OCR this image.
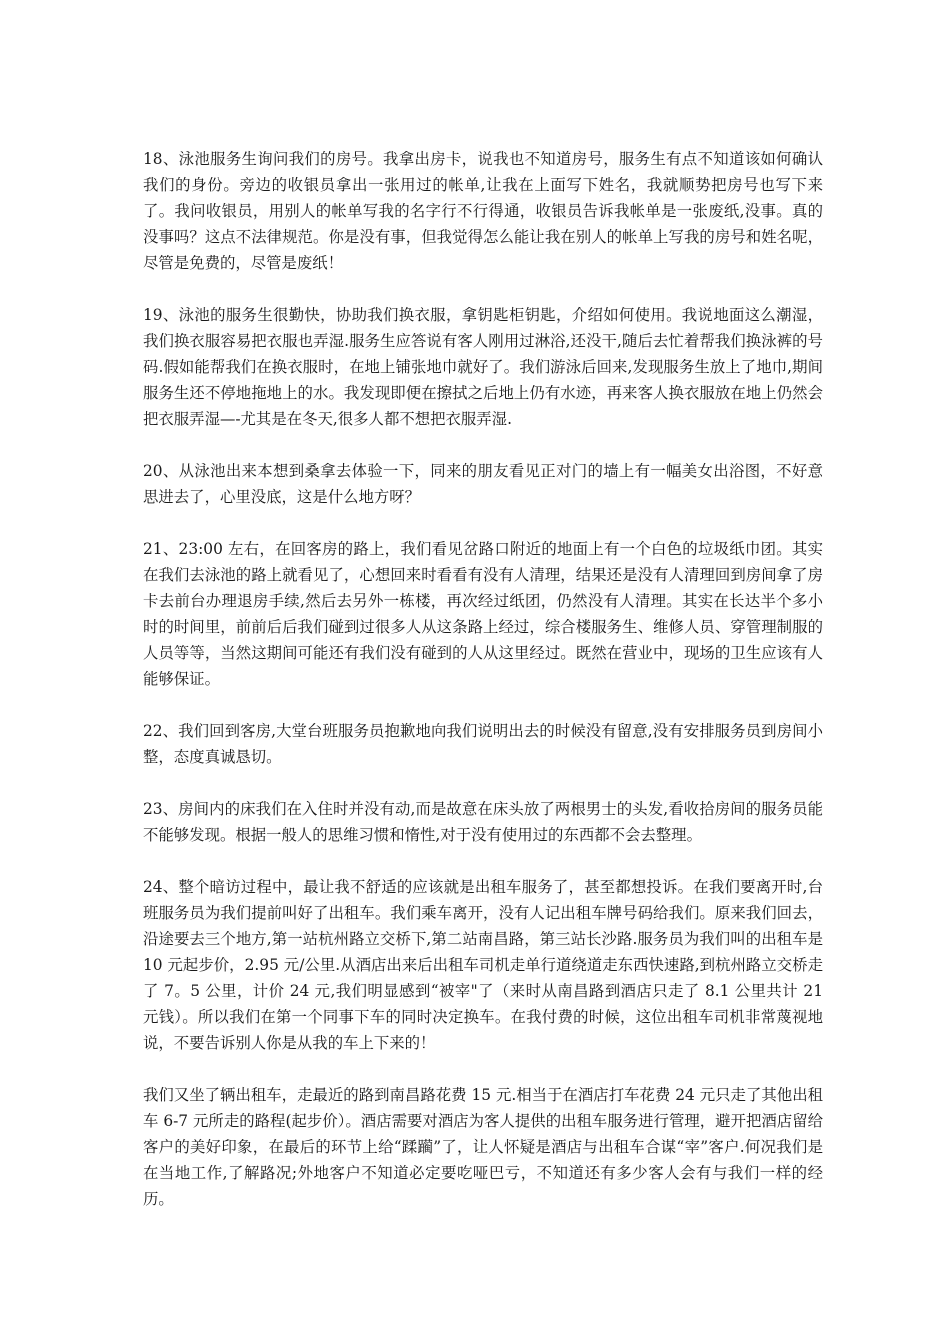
18、泳池服务生询问我们的房号。我拿出房卡，说我也不知道房号，服务生有点不知道该如何确认我们的身份。旁边的收银员拿出一张用过的帐单,让我在上面写下姓名，我就顺势把房号也写下来了。我问收银员，用别人的帐单写我的名字行不行得通，收银员告诉我帐单是一张废纸,没事。真的没事吗？这点不法律规范。你是没有事，但我觉得怎么能让我在别人的帐单上写我的房号和姓名呢，尽管是免费的，尽管是废纸！

19、泳池的服务生很勤快，协助我们换衣服，拿钥匙柜钥匙，介绍如何使用。我说地面这么潮湿，我们换衣服容易把衣服也弄湿.服务生应答说有客人刚用过淋浴,还没干,随后去忙着帮我们换泳裤的号码.假如能帮我们在换衣服时，在地上铺张地巾就好了。我们游泳后回来,发现服务生放上了地巾,期间服务生还不停地拖地上的水。我发现即便在擦拭之后地上仍有水迹，再来客人换衣服放在地上仍然会把衣服弄湿—-尤其是在冬天,很多人都不想把衣服弄湿.

20、从泳池出来本想到桑拿去体验一下，同来的朋友看见正对门的墙上有一幅美女出浴图，不好意思进去了，心里没底，这是什么地方呀？

21、23:00 左右，在回客房的路上，我们看见岔路口附近的地面上有一个白色的垃圾纸巾团。其实在我们去泳池的路上就看见了，心想回来时看看有没有人清理，结果还是没有人清理回到房间拿了房卡去前台办理退房手续,然后去另外一栋楼，再次经过纸团，仍然没有人清理。其实在长达半个多小时的时间里，前前后后我们碰到过很多人从这条路上经过，综合楼服务生、维修人员、穿管理制服的人员等等，当然这期间可能还有我们没有碰到的人从这里经过。既然在营业中，现场的卫生应该有人能够保证。

22、我们回到客房,大堂台班服务员抱歉地向我们说明出去的时候没有留意,没有安排服务员到房间小整，态度真诚恳切。

23、房间内的床我们在入住时并没有动,而是故意在床头放了两根男士的头发,看收拾房间的服务员能不能够发现。根据一般人的思维习惯和惰性,对于没有使用过的东西都不会去整理。

24、整个暗访过程中，最让我不舒适的应该就是出租车服务了，甚至都想投诉。在我们要离开时,台班服务员为我们提前叫好了出租车。我们乘车离开，没有人记出租车牌号码给我们。原来我们回去，沿途要去三个地方,第一站杭州路立交桥下,第二站南昌路，第三站长沙路.服务员为我们叫的出租车是 10 元起步价，2.95 元/公里.从酒店出来后出租车司机走单行道绕道走东西快速路,到杭州路立交桥走了 7。5 公里，计价 24 元,我们明显感到“被宰"了（来时从南昌路到酒店只走了 8.1 公里共计 21 元钱）。所以我们在第一个同事下车的同时决定换车。在我付费的时候，这位出租车司机非常蔑视地说，不要告诉别人你是从我的车上下来的！

我们又坐了辆出租车，走最近的路到南昌路花费 15 元.相当于在酒店打车花费 24 元只走了其他出租车 6-7 元所走的路程(起步价）。酒店需要对酒店为客人提供的出租车服务进行管理，避开把酒店留给客户的美好印象，在最后的环节上给“蹂躏”了，让人怀疑是酒店与出租车合谋“宰”客户.何况我们是在当地工作,了解路况;外地客户不知道必定要吃哑巴亏，不知道还有多少客人会有与我们一样的经历。
